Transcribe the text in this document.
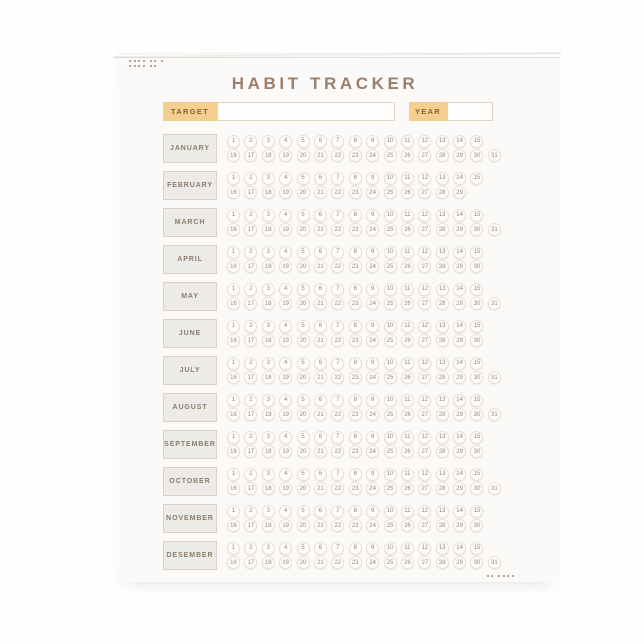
HABIT TRACKER
TARGET	YEAR
JANUARY
1	2	3	4	5	6	7	8	9	10	11	12	13	14	15
16	17	18	19	20	21	22	23	24	25	26	27	28	29	30	31
FEBRUARY
1	2	3	4	5	6	7	8	9	10	11	12	13	14	15
16	17	18	19	20	21	22	23	24	25	26	27	28	29
MARCH
1	2	3	4	5	6	7	8	9	10	11	12	13	14	15
16	17	18	19	20	21	22	23	24	25	26	27	28	29	30	31
APRIL
1	2	3	4	5	6	7	8	9	10	11	12	13	14	15
16	17	18	19	20	21	22	23	24	25	26	27	28	29	30
MAY
1	2	3	4	5	6	7	8	9	10	11	12	13	14	15
16	17	18	19	20	21	22	23	24	25	26	27	28	29	30	31
JUNE
1	2	3	4	5	6	7	8	9	10	11	12	13	14	15
16	17	18	19	20	21	22	23	24	25	26	27	28	29	30
JULY
1	2	3	4	5	6	7	8	9	10	11	12	13	14	15
16	17	18	19	20	21	22	23	24	25	26	27	28	29	30	31
AUGUST
1	2	3	4	5	6	7	8	9	10	11	12	13	14	15
16	17	18	19	20	21	22	23	24	25	26	27	28	29	30	31
SEPTEMBER
1	2	3	4	5	6	7	8	9	10	11	12	13	14	15
16	17	18	19	20	21	22	23	24	25	26	27	28	29	30
OCTOBER
1	2	3	4	5	6	7	8	9	10	11	12	13	14	15
16	17	18	19	20	21	22	23	24	25	26	27	28	29	30	31
NOVEMBER
1	2	3	4	5	6	7	8	9	10	11	12	13	14	15
16	17	18	19	20	21	22	23	24	25	26	27	28	29	30
DESEMBER
1	2	3	4	5	6	7	8	9	10	11	12	13	14	15
16	17	18	19	20	21	22	23	24	25	26	27	28	29	30	31
